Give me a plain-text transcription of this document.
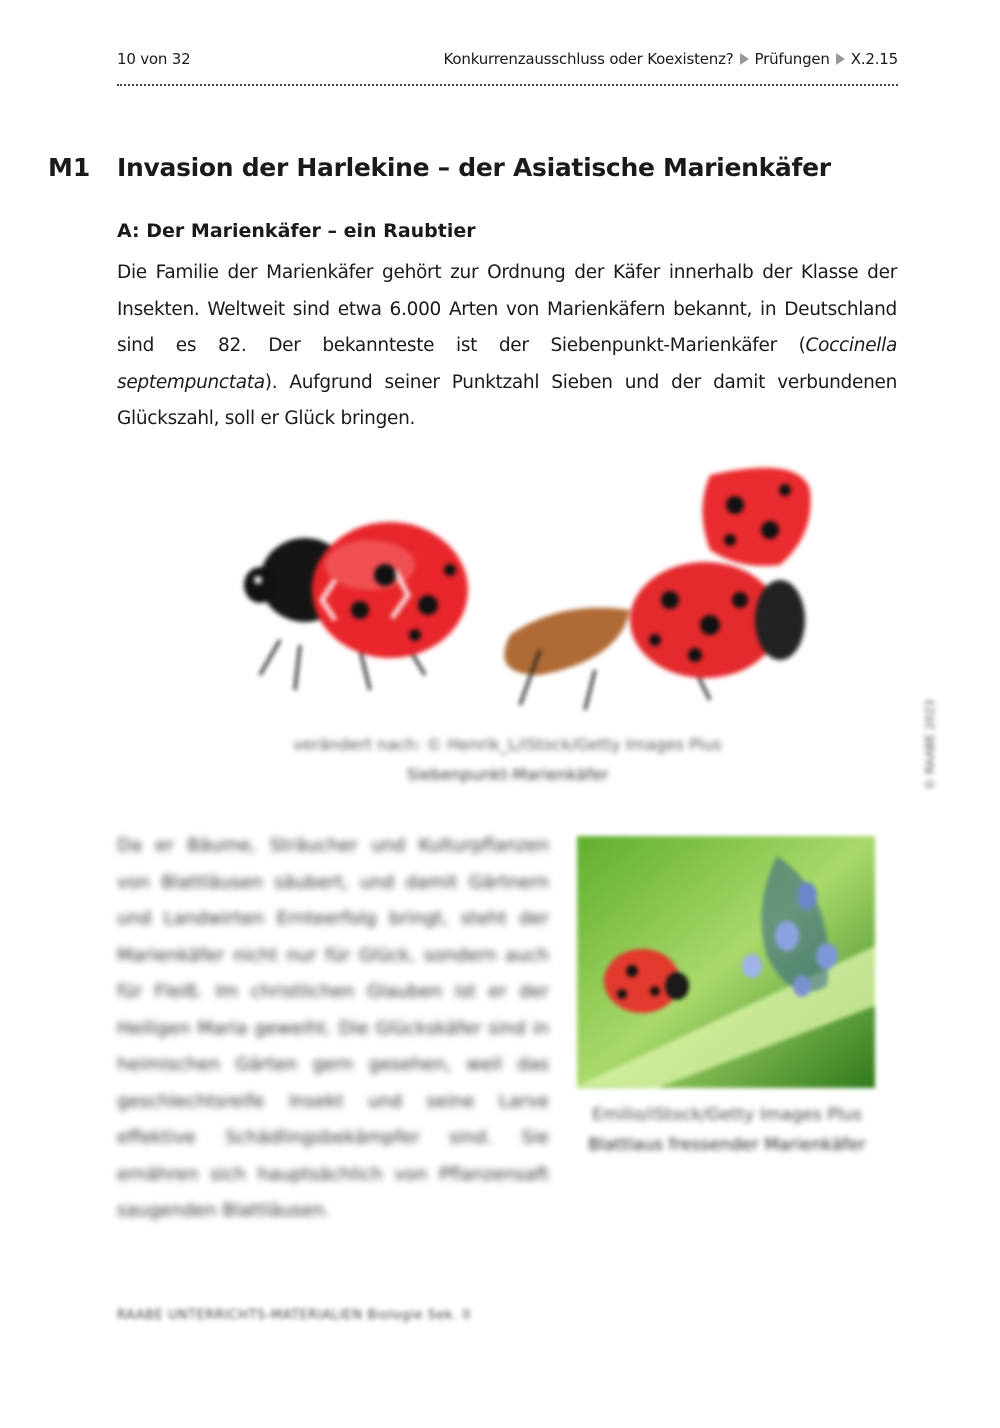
10 von 32	Konkurrenzausschluss oder Koexistenz? Prüfungen X.2.15
M1 Invasion der Harlekine – der Asiatische Marienkäfer
A: Der Marienkäfer – ein Raubtier
Die Familie der Marienkäfer gehört zur Ordnung der Käfer innerhalb der Klasse der Insekten. Weltweit sind etwa 6.000 Arten von Marienkäfern bekannt, in Deutschland sind es 82. Der bekannteste ist der Siebenpunkt-Marienkäfer (Coccinella septempunctata). Aufgrund seiner Punktzahl Sieben und der damit verbundenen Glückszahl, soll er Glück bringen.
verändert nach: © Henrik_L/iStock/Getty Images Plus
Siebenpunkt-Marienkäfer	© RAABE 2023
Da er Bäume, Sträucher und Kulturpflanzen von Blattläusen säubert, und damit Gärtnern und Landwirten Ernteerfolg bringt, steht der Marienkäfer nicht nur für Glück, sondern auch für Fleiß. Im christlichen Glauben ist er der Heiligen Maria geweiht. Die Glückskäfer sind in heimischen Gärten gern gesehen, weil das geschlechtsreife Insekt und seine Larve effektive Schädlingsbekämpfer sind. Sie ernähren sich hauptsächlich von Pflanzensaft saugenden Blattläusen.
Emilio/iStock/Getty Images Plus
Blattlaus fressender Marienkäfer
RAABE UNTERRICHTS-MATERIALIEN Biologie Sek. II
